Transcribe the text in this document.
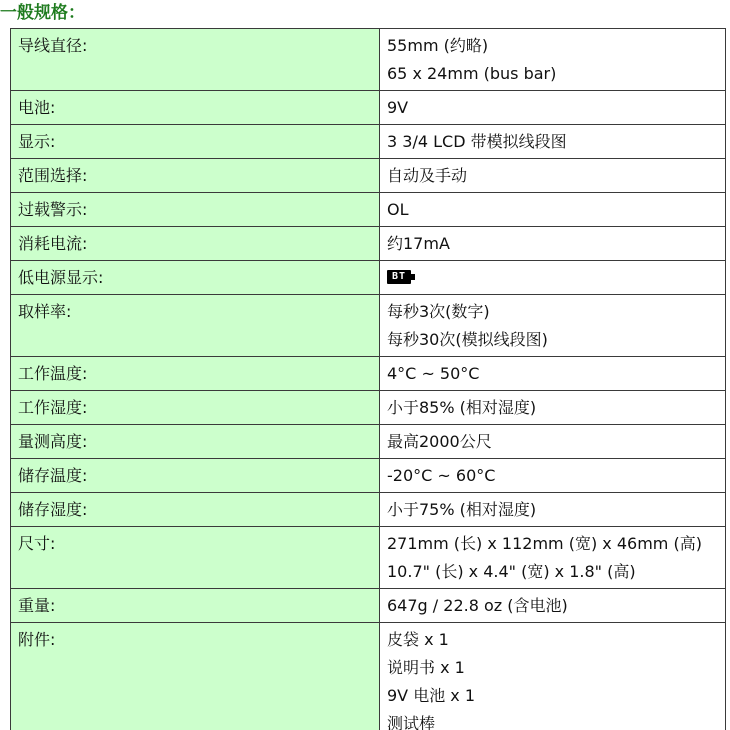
一般规格：
导线直径:	55mm (约略)
65 x 24mm (bus bar)

电池:	9V

显示:	3 3/4 LCD 带模拟线段图

范围选择:	自动及手动

过载警示:	OL

消耗电流:	约17mA

低电源显示:	BT

取样率:	每秒3次(数字)
每秒30次(模拟线段图)

工作温度:	4°C ~ 50°C

工作湿度:	小于85% (相对湿度)

量测高度:	最高2000公尺

储存温度:	-20°C ~ 60°C

储存湿度:	小于75% (相对湿度)

尺寸:	271mm (长) x 112mm (宽) x 46mm (高)
10.7" (长) x 4.4" (宽) x 1.8" (高)

重量:	647g / 22.8 oz (含电池)

附件:	皮袋 x 1
说明书 x 1
9V 电池 x 1
测试棒
